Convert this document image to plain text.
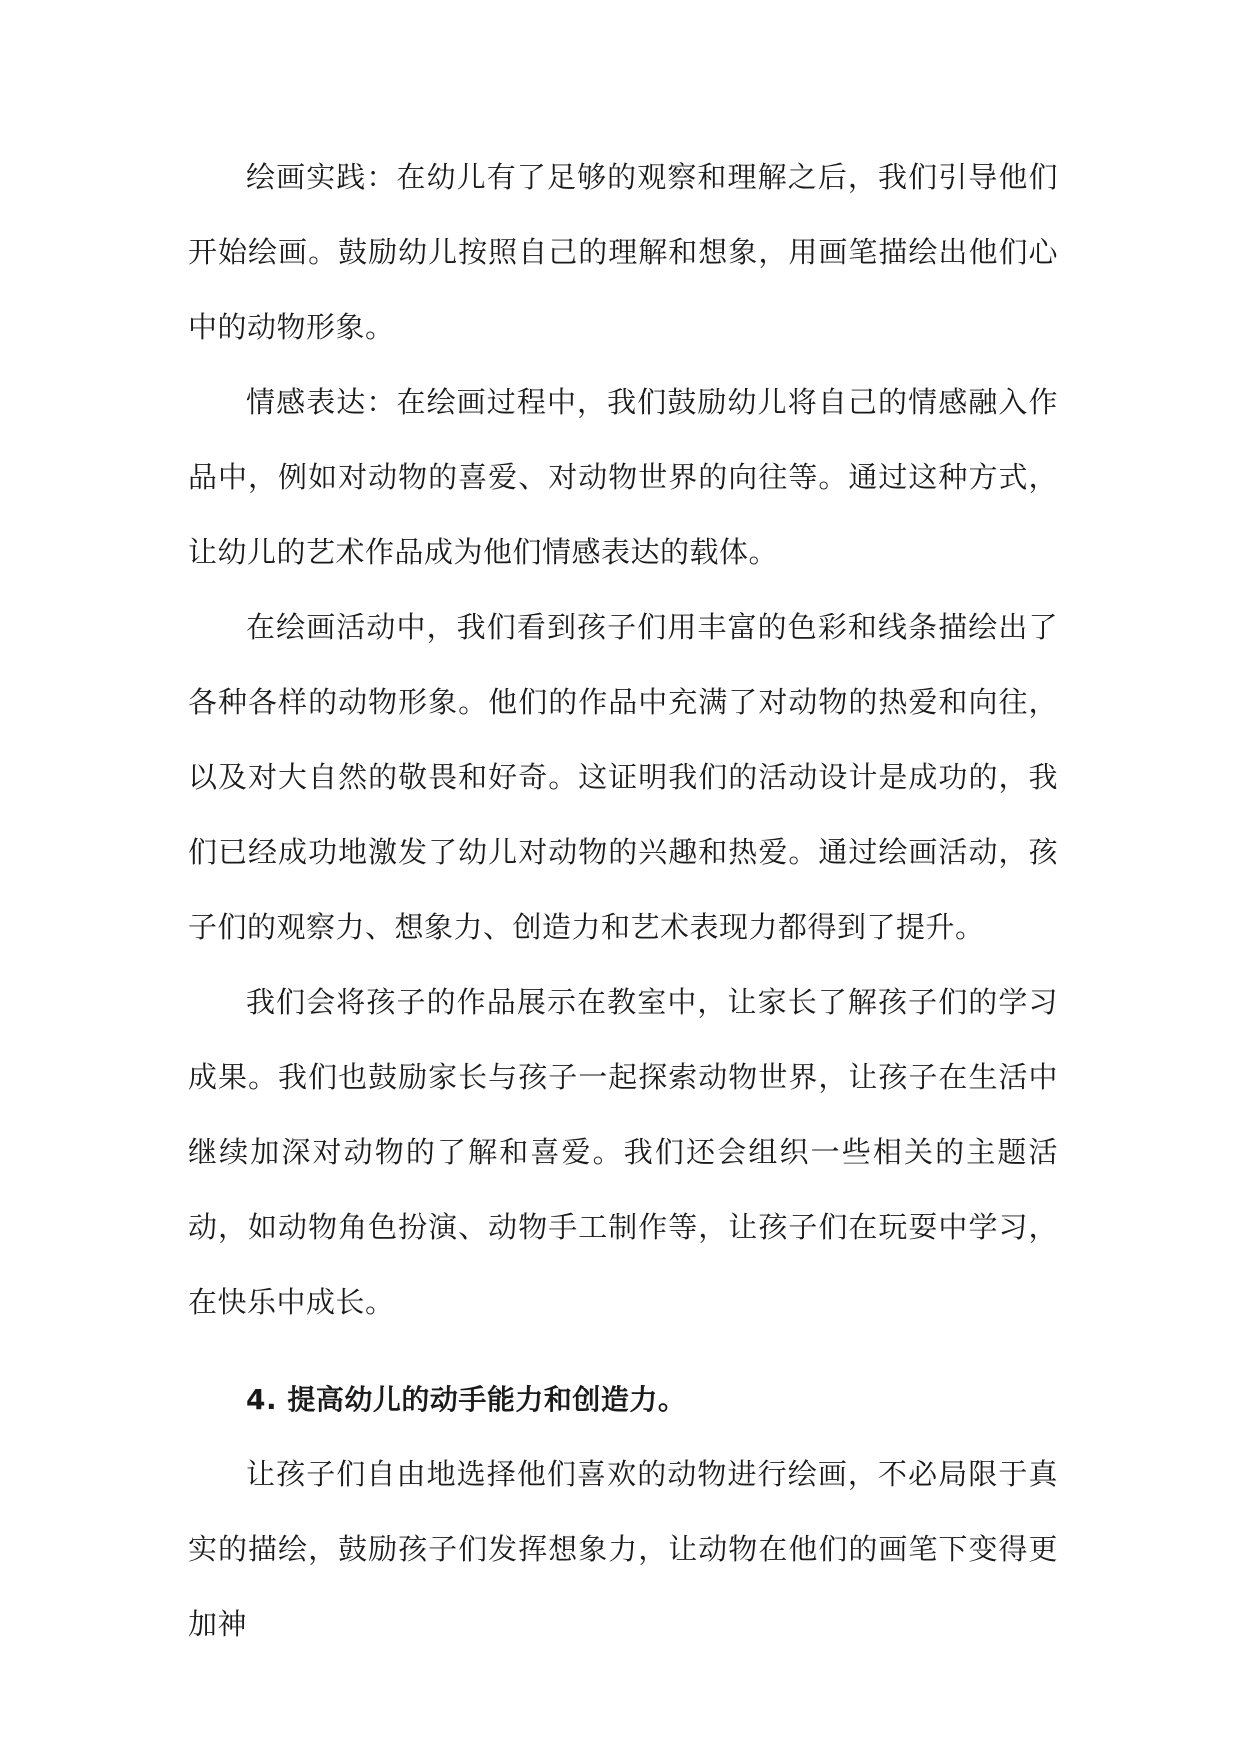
绘画实践：在幼儿有了足够的观察和理解之后，我们引导他们开始绘画。鼓励幼儿按照自己的理解和想象，用画笔描绘出他们心中的动物形象。

情感表达：在绘画过程中，我们鼓励幼儿将自己的情感融入作品中，例如对动物的喜爱、对动物世界的向往等。通过这种方式，让幼儿的艺术作品成为他们情感表达的载体。

在绘画活动中，我们看到孩子们用丰富的色彩和线条描绘出了各种各样的动物形象。他们的作品中充满了对动物的热爱和向往，以及对大自然的敬畏和好奇。这证明我们的活动设计是成功的，我们已经成功地激发了幼儿对动物的兴趣和热爱。通过绘画活动，孩子们的观察力、想象力、创造力和艺术表现力都得到了提升。

我们会将孩子的作品展示在教室中，让家长了解孩子们的学习成果。我们也鼓励家长与孩子一起探索动物世界，让孩子在生活中继续加深对动物的了解和喜爱。我们还会组织一些相关的主题活动，如动物角色扮演、动物手工制作等，让孩子们在玩耍中学习，在快乐中成长。

4. 提高幼儿的动手能力和创造力。

让孩子们自由地选择他们喜欢的动物进行绘画，不必局限于真实的描绘，鼓励孩子们发挥想象力，让动物在他们的画笔下变得更加神
